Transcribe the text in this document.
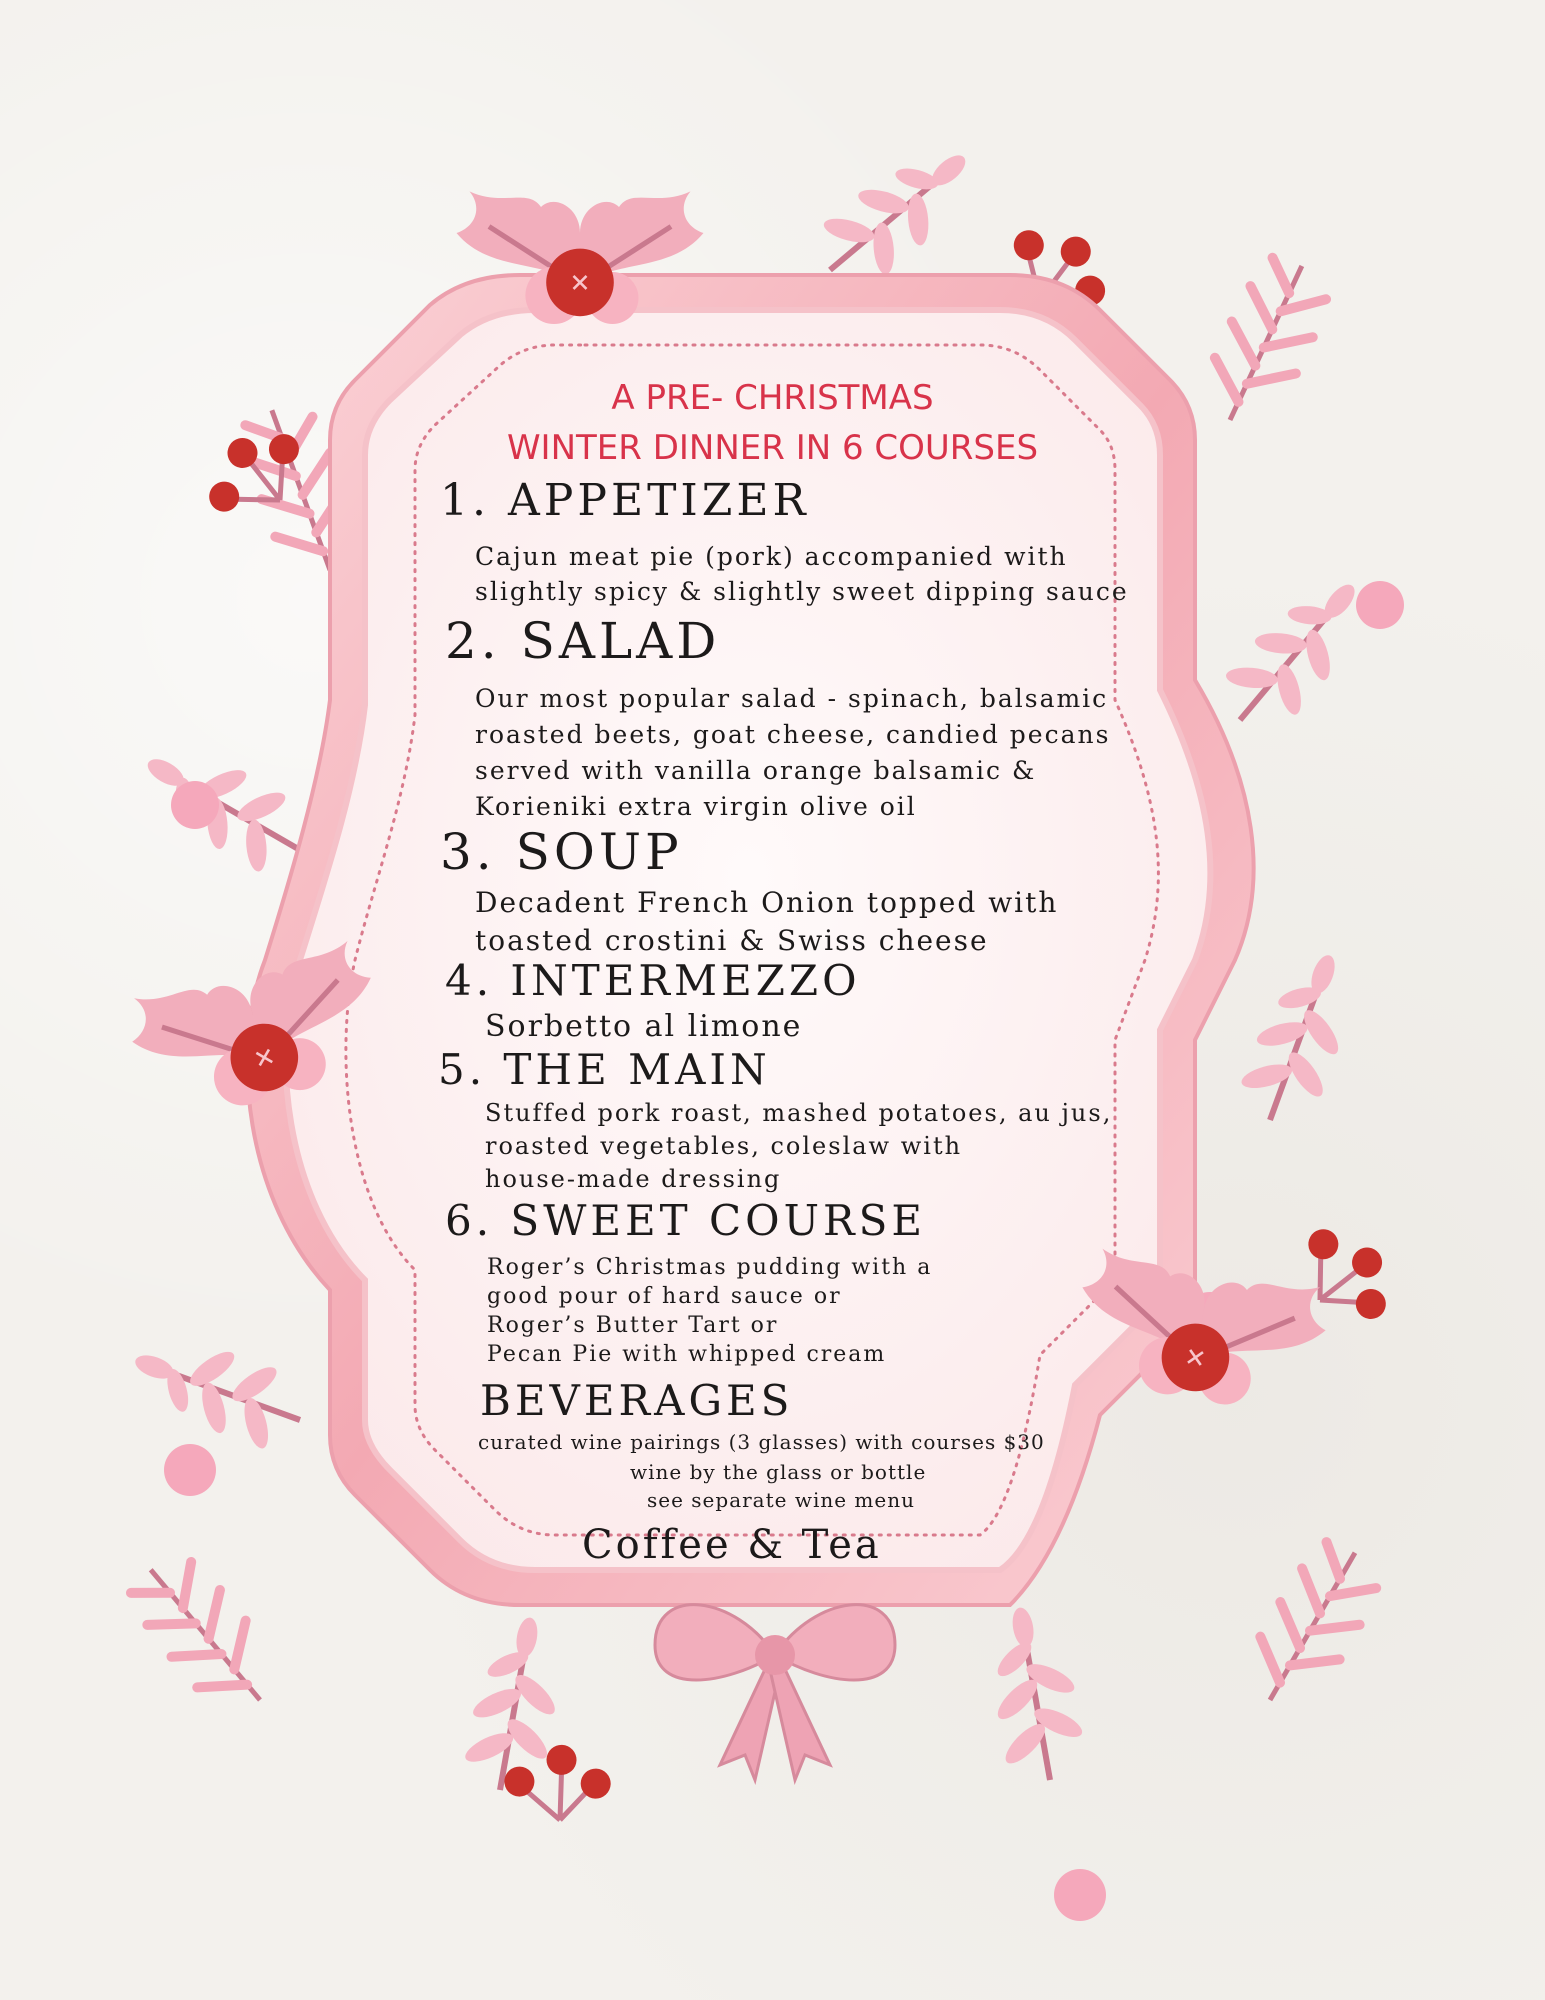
A PRE- CHRISTMAS
WINTER DINNER IN 6 COURSES
1. APPETIZER
Cajun meat pie (pork) accompanied with
slightly spicy & slightly sweet dipping sauce
2. SALAD
Our most popular salad - spinach, balsamic
roasted beets, goat cheese, candied pecans
served with vanilla orange balsamic &
Korieniki extra virgin olive oil
3. SOUP
Decadent French Onion topped with
toasted crostini & Swiss cheese
4. INTERMEZZO
Sorbetto al limone
5. THE MAIN
Stuffed pork roast, mashed potatoes, au jus,
roasted vegetables, coleslaw with
house-made dressing
6. SWEET COURSE
Roger’s Christmas pudding with a
good pour of hard sauce or
Roger’s Butter Tart or
Pecan Pie with whipped cream
BEVERAGES
curated wine pairings (3 glasses) with courses $30
wine by the glass or bottle
see separate wine menu
Coffee & Tea
